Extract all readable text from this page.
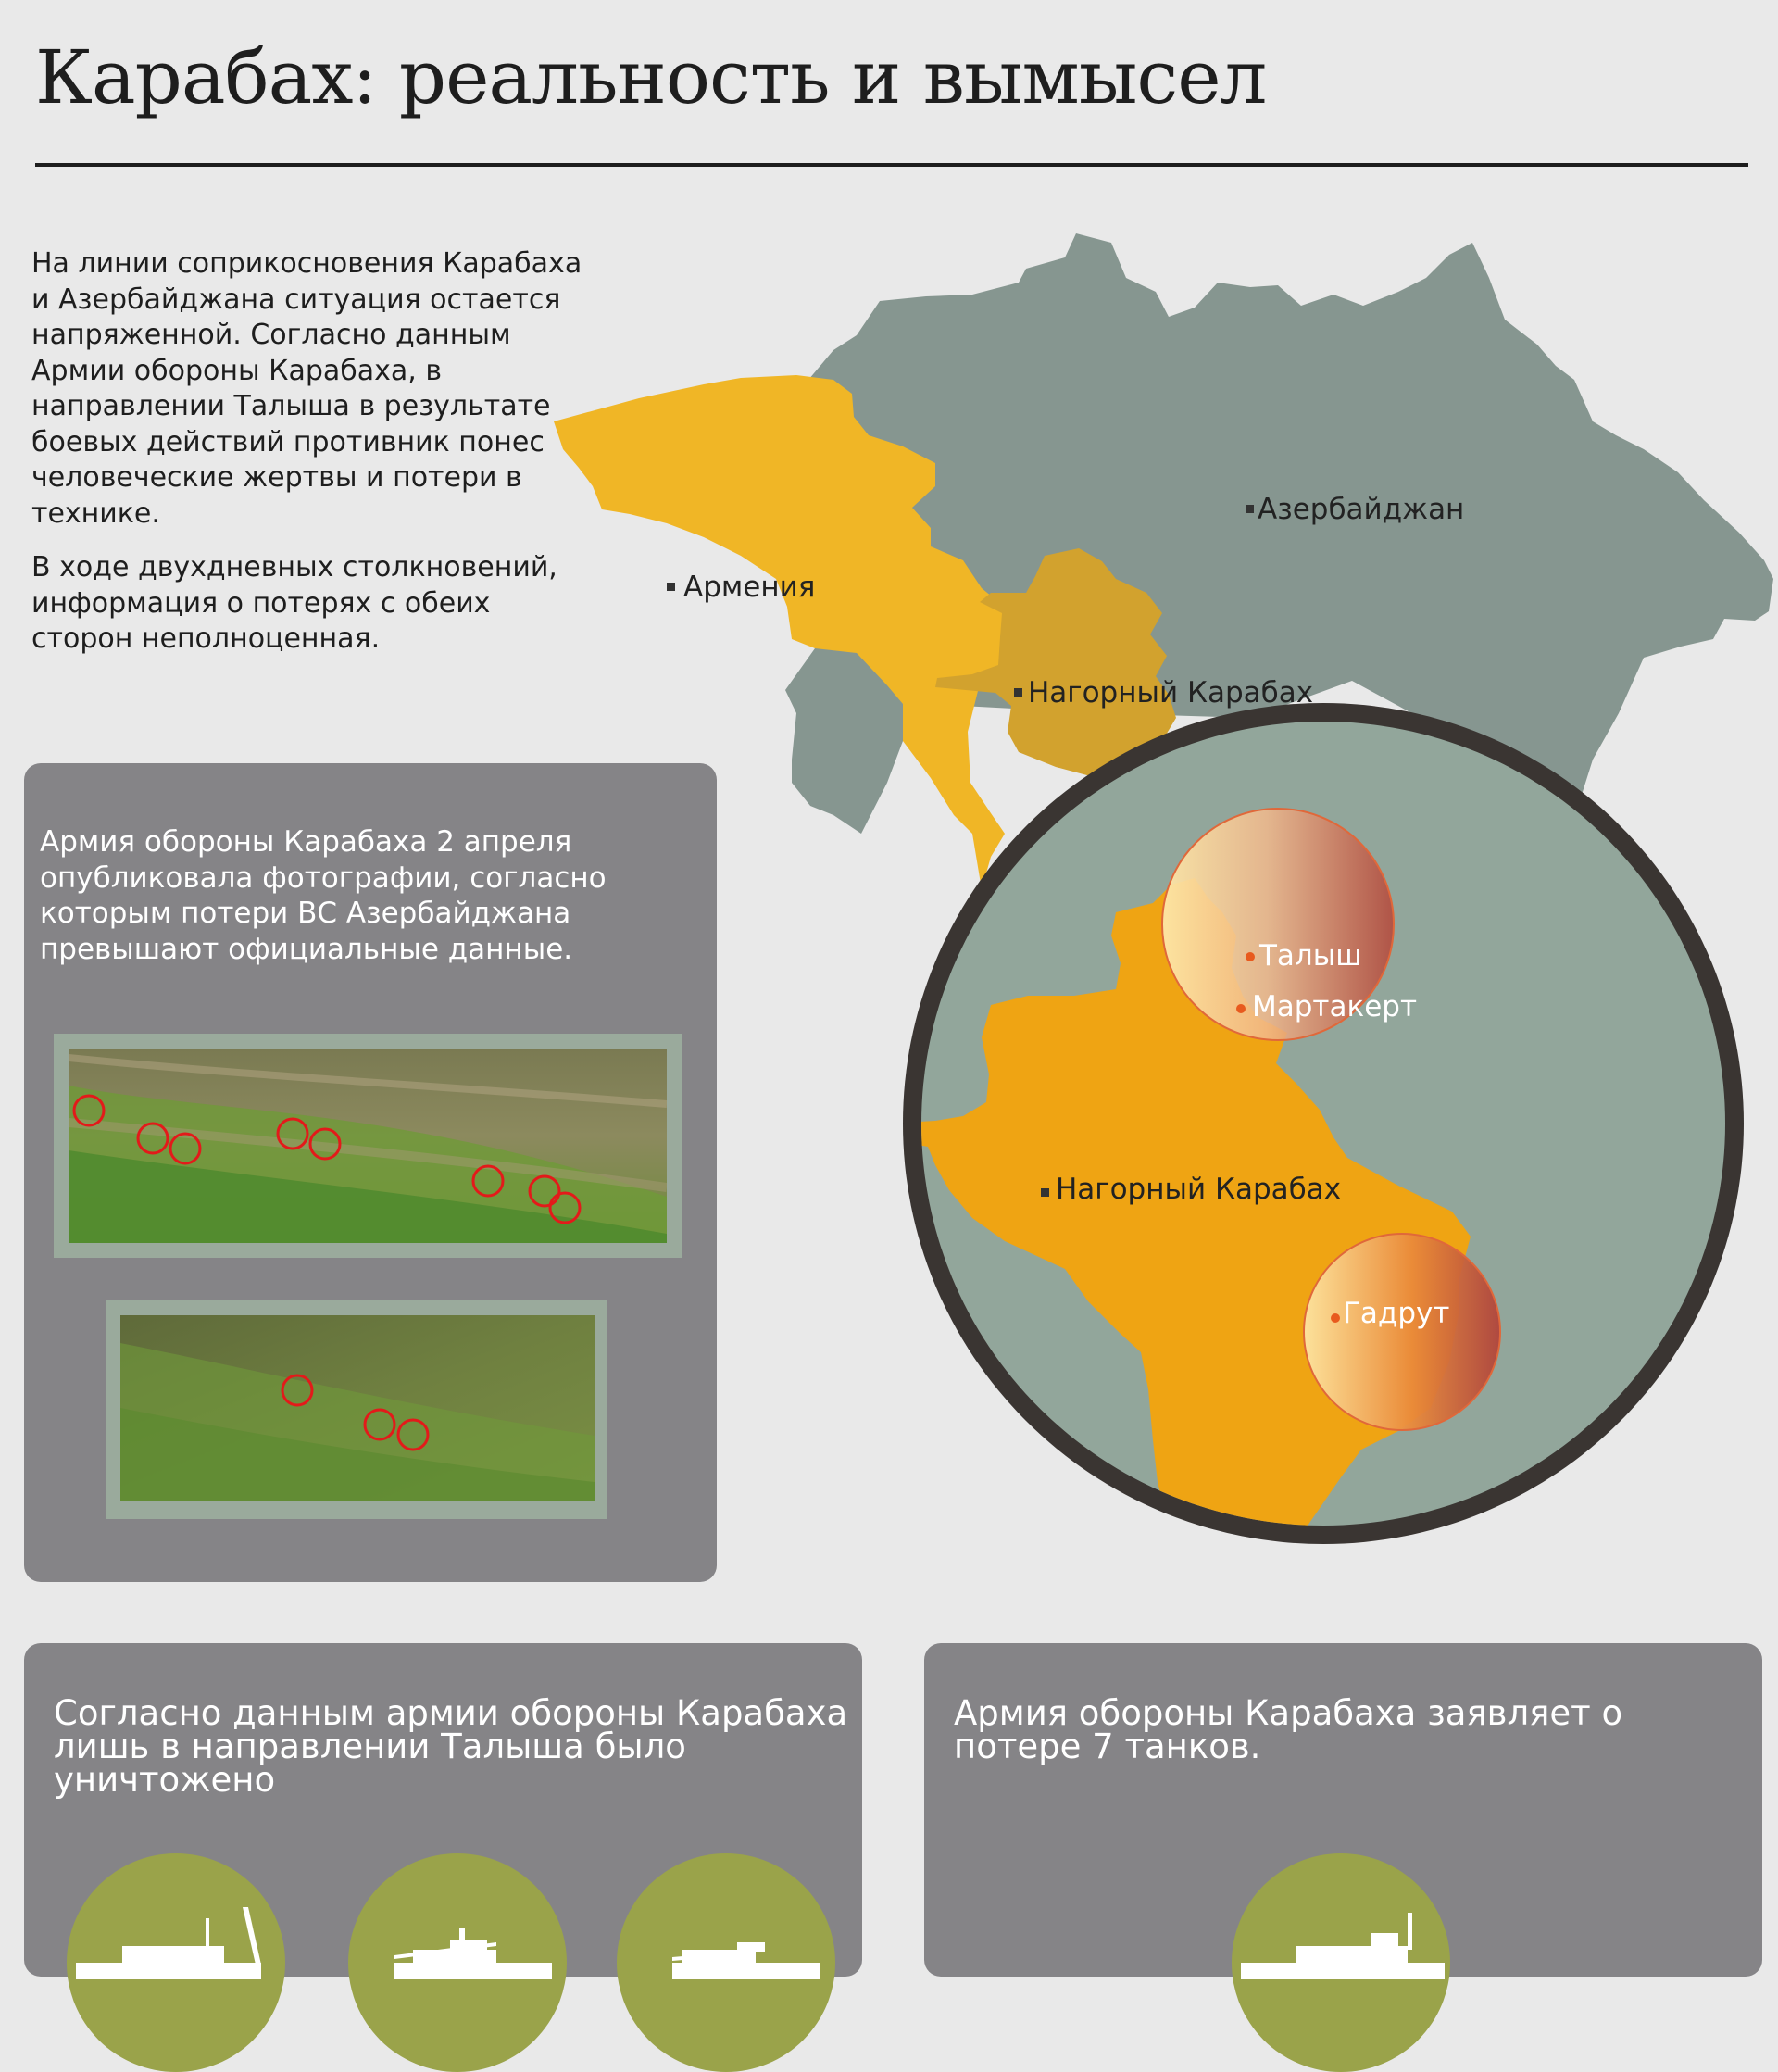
Карабах: реальность и вымысел

На линии соприкосновения Карабаха и Азербайджана ситуация остается напряженной. Согласно данным Армии обороны Карабаха, в направлении Талыша в результате боевых действий противник понес человеческие жертвы и потери в технике.

В ходе двухдневных столкновений, информация о потерях с обеих сторон неполноценная.

Азербайджан
Армения
Нагорный Карабах
Нагорный Карабах
Талыш
Мартакерт
Гадрут

Армия обороны Карабаха 2 апреля опубликовала фотографии, согласно которым потери ВС Азербайджана превышают официальные данные.

Согласно данным армии обороны Карабаха лишь в направлении Талыша было уничтожено

Армия обороны Карабаха заявляет о потере 7 танков.
